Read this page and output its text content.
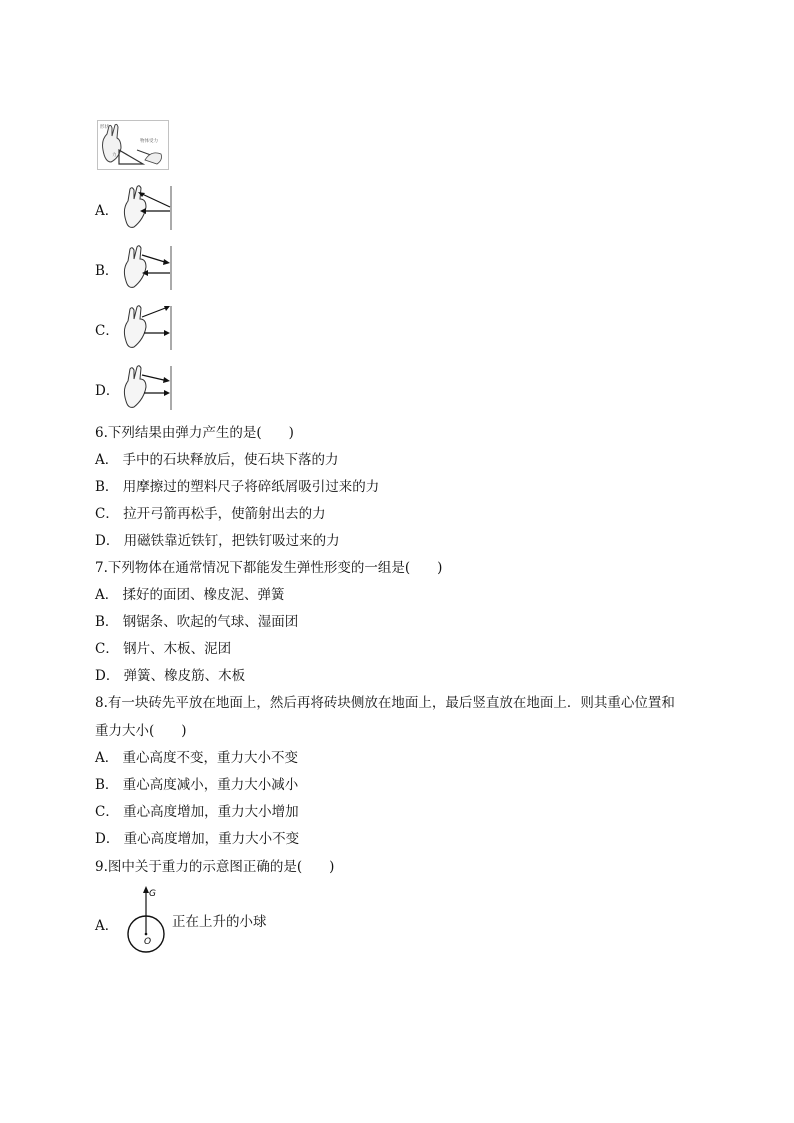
形状
物体受力
力
A．
B．
C．
D．
6.下列结果由弹力产生的是(　　)
A． 手中的石块释放后，使石块下落的力
B． 用摩擦过的塑料尺子将碎纸屑吸引过来的力
C． 拉开弓箭再松手，使箭射出去的力
D． 用磁铁靠近铁钉，把铁钉吸过来的力
7.下列物体在通常情况下都能发生弹性形变的一组是(　　)
A． 揉好的面团、橡皮泥、弹簧
B． 钢锯条、吹起的气球、湿面团
C． 钢片、木板、泥团
D． 弹簧、橡皮筋、木板
8.有一块砖先平放在地面上，然后再将砖块侧放在地面上，最后竖直放在地面上．则其重心位置和
重力大小(　　)
A． 重心高度不变，重力大小不变
B． 重心高度减小，重力大小减小
C． 重心高度增加，重力大小增加
D． 重心高度增加，重力大小不变
9.图中关于重力的示意图正确的是(　　)
A．
G
O
正在上升的小球
